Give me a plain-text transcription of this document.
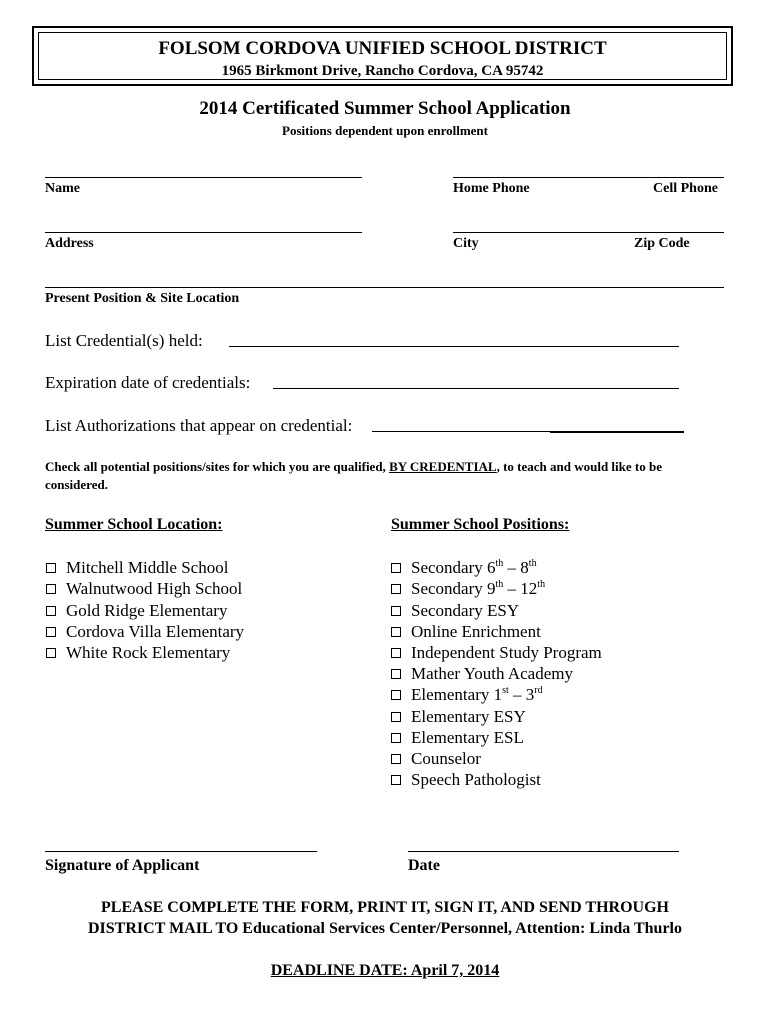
FOLSOM CORDOVA UNIFIED SCHOOL DISTRICT
1965 Birkmont Drive, Rancho Cordova, CA 95742
2014 Certificated Summer School Application
Positions dependent upon enrollment
Name	Home Phone	Cell Phone
Address	City	Zip Code
Present Position & Site Location
List Credential(s) held:
Expiration date of credentials:
List Authorizations that appear on credential:
Check all potential positions/sites for which you are qualified, BY CREDENTIAL, to teach and would like to be considered.
Summer School Location:	Summer School Positions:
Mitchell Middle School
Walnutwood High School
Gold Ridge Elementary
Cordova Villa Elementary
White Rock Elementary
Secondary 6th – 8th
Secondary 9th – 12th
Secondary ESY
Online Enrichment
Independent Study Program
Mather Youth Academy
Elementary 1st – 3rd
Elementary ESY
Elementary ESL
Counselor
Speech Pathologist
Signature of Applicant	Date
PLEASE COMPLETE THE FORM, PRINT IT, SIGN IT, AND SEND THROUGH
DISTRICT MAIL TO Educational Services Center/Personnel, Attention: Linda Thurlo
DEADLINE DATE: April 7, 2014
